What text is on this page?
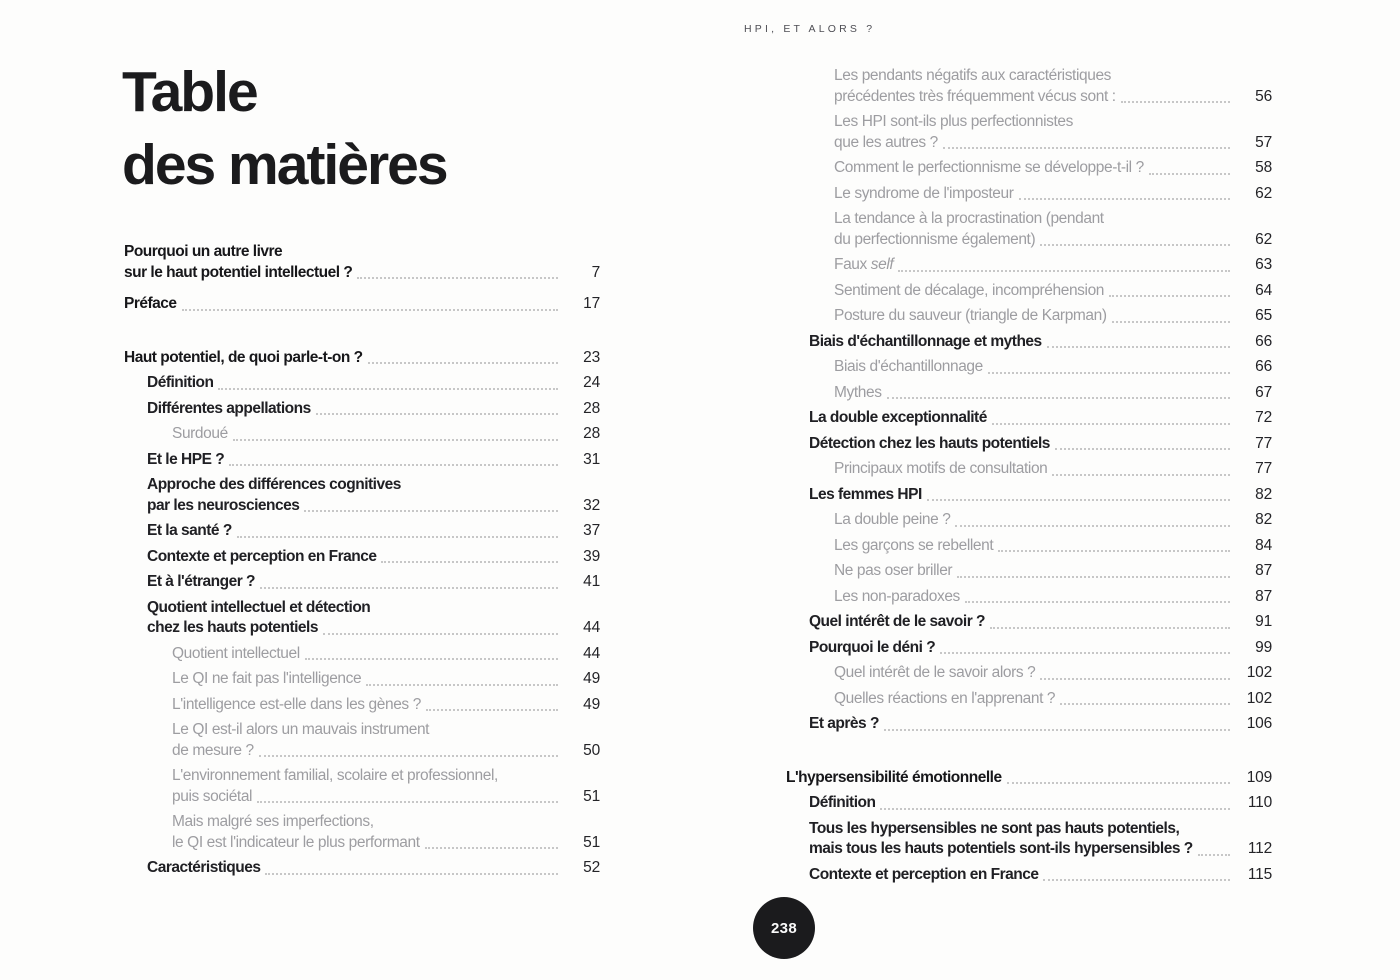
HPI, ET ALORS ?
Table
des matières
Pourquoi un autre livre
sur le haut potentiel intellectuel ?	7
Préface	17
Haut potentiel, de quoi parle-t-on ?	23
Définition	24
Différentes appellations	28
Surdoué	28
Et le HPE ?	31
Approche des différences cognitives
par les neurosciences	32
Et la santé ?	37
Contexte et perception en France	39
Et à l'étranger ?	41
Quotient intellectuel et détection
chez les hauts potentiels	44
Quotient intellectuel	44
Le QI ne fait pas l'intelligence	49
L'intelligence est-elle dans les gènes ?	49
Le QI est-il alors un mauvais instrument
de mesure ?	50
L'environnement familial, scolaire et professionnel,
puis sociétal	51
Mais malgré ses imperfections,
le QI est l'indicateur le plus performant	51
Caractéristiques	52
Les pendants négatifs aux caractéristiques
précédentes très fréquemment vécus sont :	56
Les HPI sont-ils plus perfectionnistes
que les autres ?	57
Comment le perfectionnisme se développe-t-il ?	58
Le syndrome de l'imposteur	62
La tendance à la procrastination (pendant
du perfectionnisme également)	62
Faux self	63
Sentiment de décalage, incompréhension	64
Posture du sauveur (triangle de Karpman)	65
Biais d'échantillonnage et mythes	66
Biais d'échantillonnage	66
Mythes	67
La double exceptionnalité	72
Détection chez les hauts potentiels	77
Principaux motifs de consultation	77
Les femmes HPI	82
La double peine ?	82
Les garçons se rebellent	84
Ne pas oser briller	87
Les non-paradoxes	87
Quel intérêt de le savoir ?	91
Pourquoi le déni ?	99
Quel intérêt de le savoir alors ?	102
Quelles réactions en l'apprenant ?	102
Et après ?	106
L'hypersensibilité émotionnelle	109
Définition	110
Tous les hypersensibles ne sont pas hauts potentiels,
mais tous les hauts potentiels sont-ils hypersensibles ?	112
Contexte et perception en France	115
238
